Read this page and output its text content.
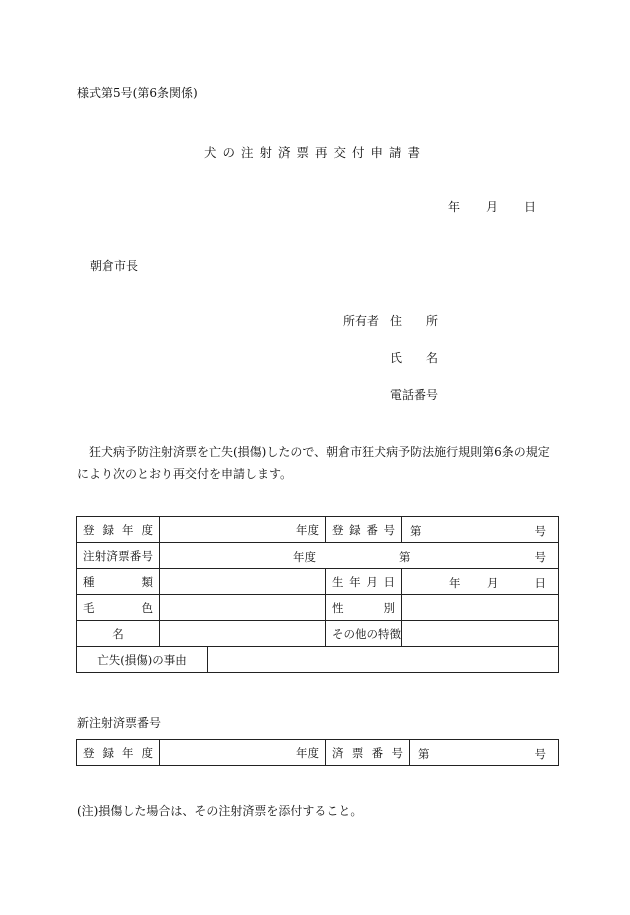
様式第5号(第6条関係)
犬の注射済票再交付申請書
年 月 日
朝倉市長
所有者 住　　所
氏　　名
電話番号
狂犬病予防注射済票を亡失(損傷)したので、朝倉市狂犬病予防法施行規則第6条の規定により次のとおり再交付を申請します。
登録年度	年度		登録番号	第 号

注射済票番号	年度 第 号			

種類			生年月日	年 月 日

毛色			性別	
名			その他の特徴	
亡失(損傷)の事由				
新注射済票番号
登録年度	年度	済票番号	第	号
(注)損傷した場合は、その注射済票を添付すること。
